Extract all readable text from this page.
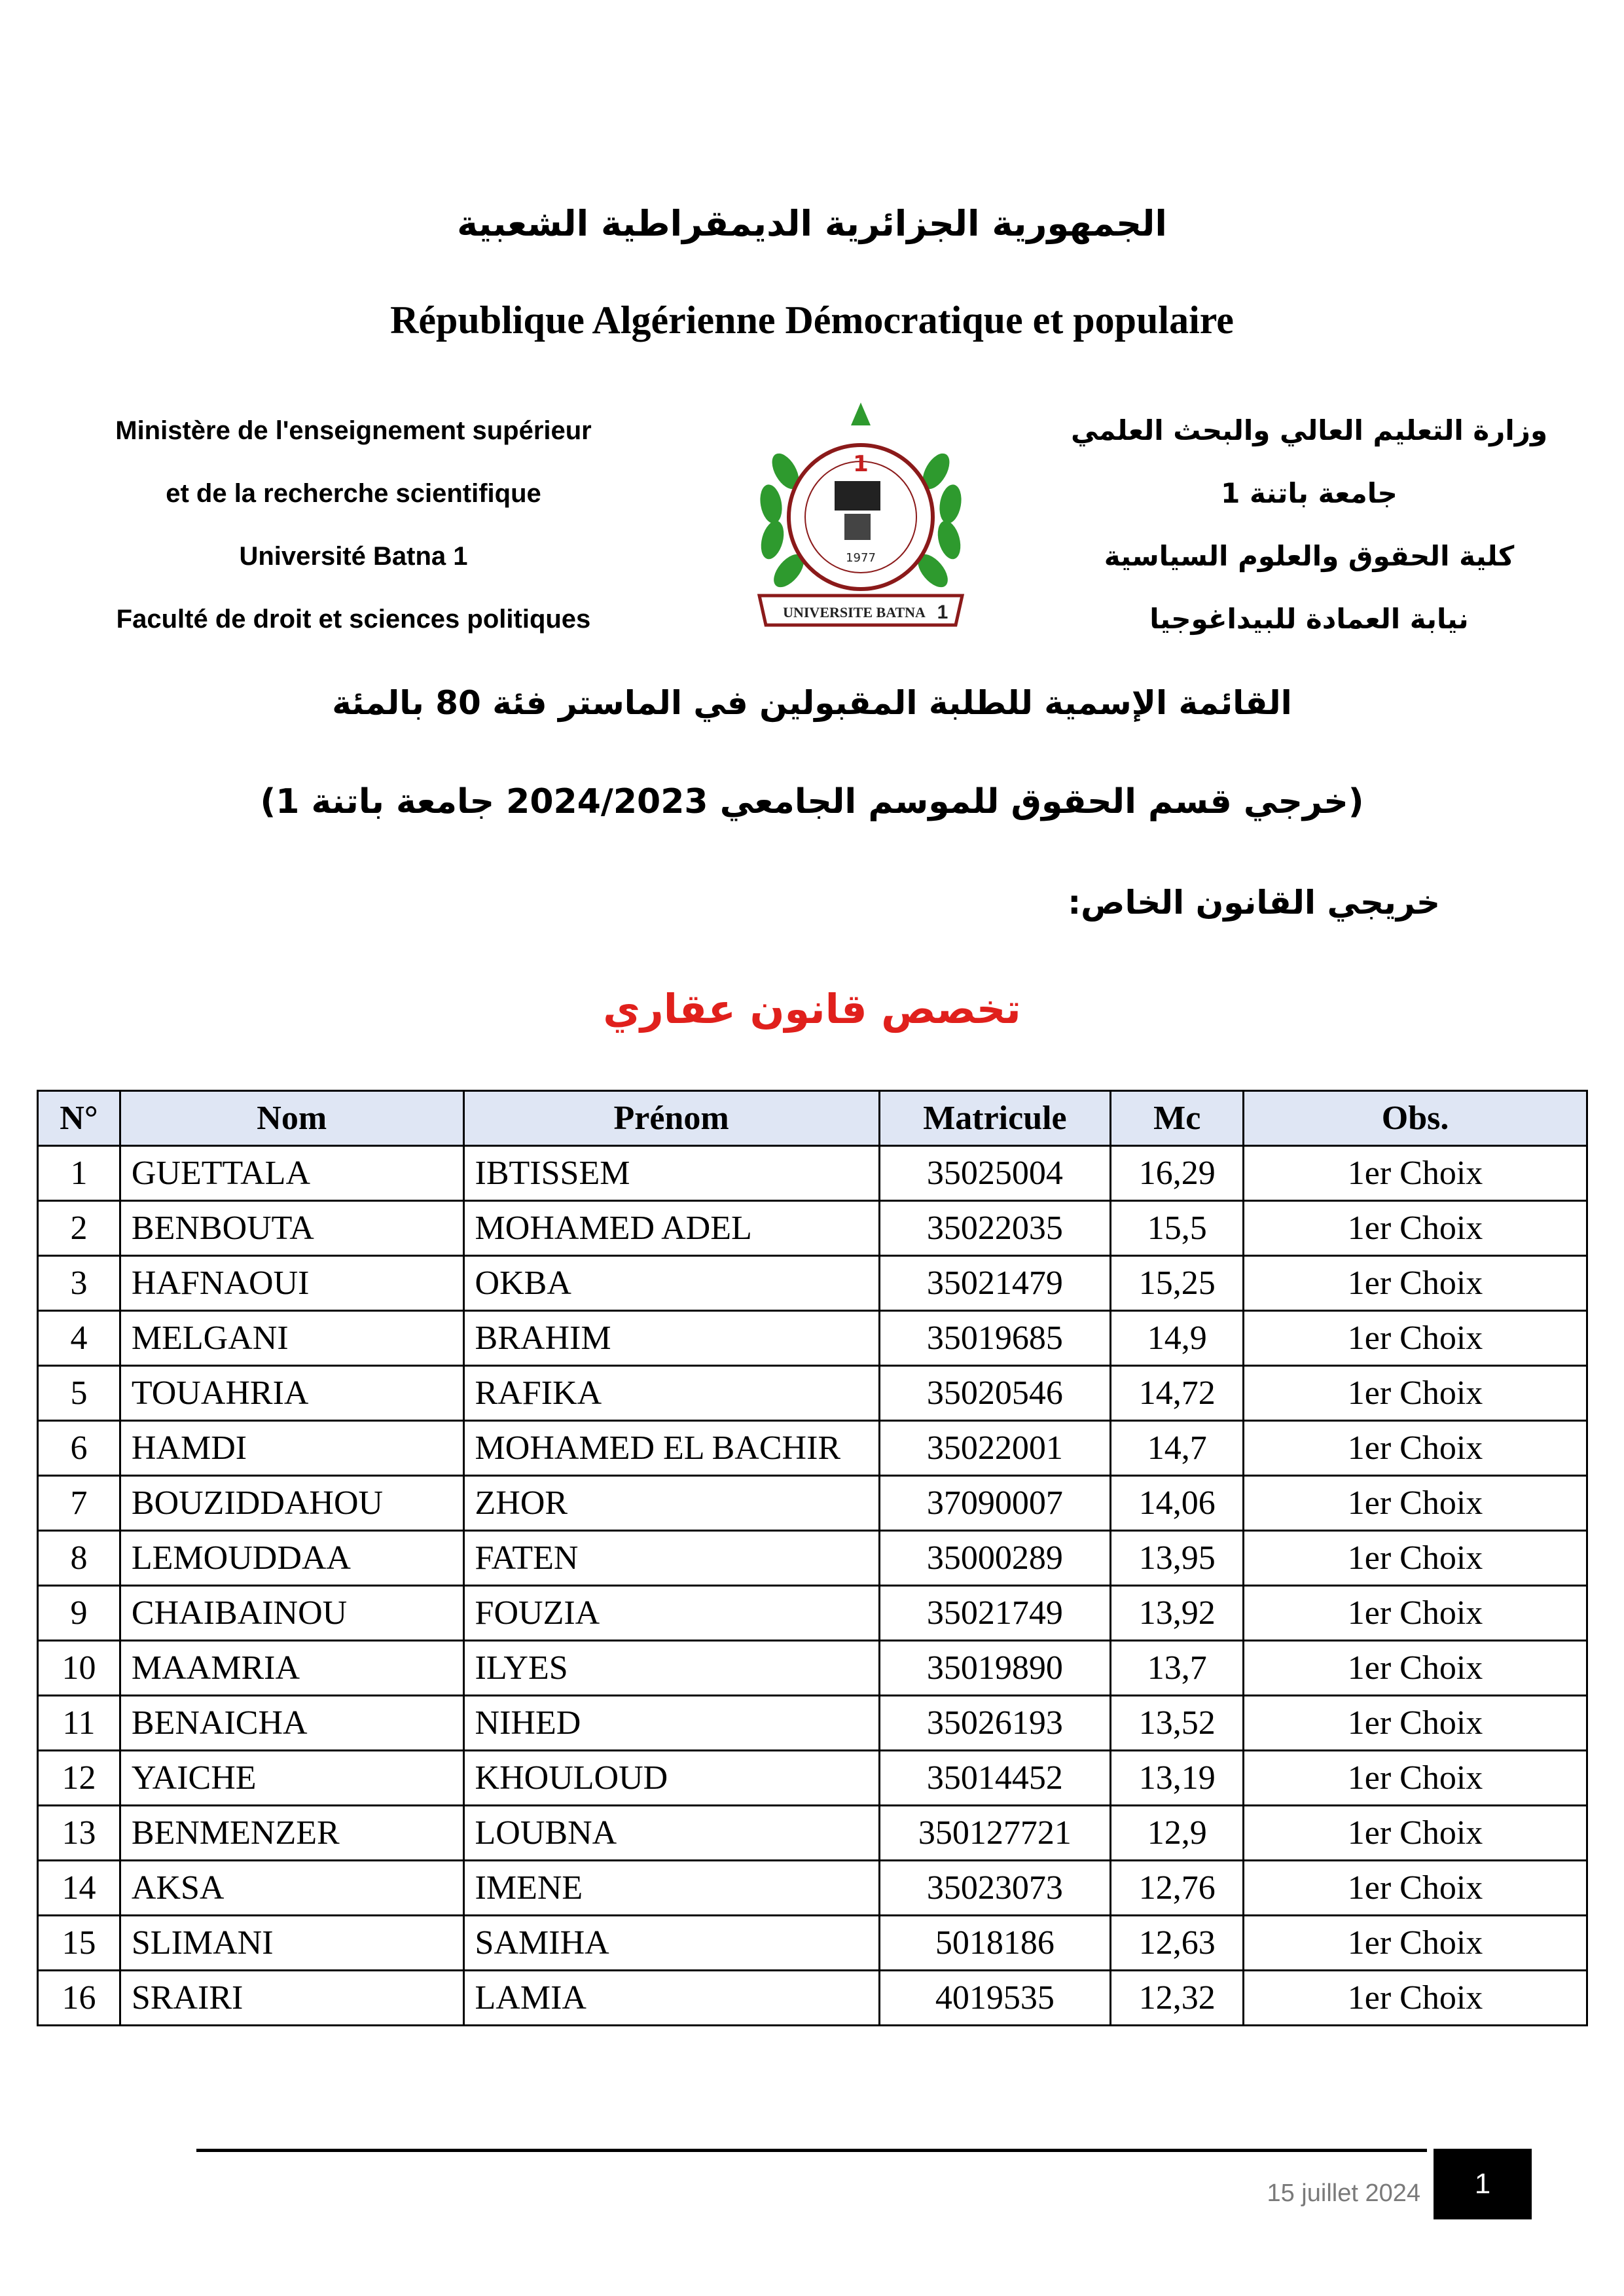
الجمهورية الجزائرية الديمقراطية الشعبية
République Algérienne Démocratique et populaire
Ministère de l'enseignement supérieur
et de la recherche scientifique
Université Batna 1
Faculté de droit et sciences politiques
وزارة التعليم العالي والبحث العلمي
جامعة باتنة 1
كلية الحقوق والعلوم السياسية
نيابة العمادة للبيداغوجيا
1
1977
UNIVERSITE BATNA 1
القائمة الإسمية للطلبة المقبولين في الماستر فئة 80 بالمئة
(خرجي قسم الحقوق للموسم الجامعي 2024/2023 جامعة باتنة 1)
خريجي القانون الخاص:
تخصص قانون عقاري
N°	Nom	Prénom	Matricule	Mc	Obs.
1	GUETTALA	IBTISSEM	35025004	16,29	1er Choix
2	BENBOUTA	MOHAMED ADEL	35022035	15,5	1er Choix
3	HAFNAOUI	OKBA	35021479	15,25	1er Choix
4	MELGANI	BRAHIM	35019685	14,9	1er Choix
5	TOUAHRIA	RAFIKA	35020546	14,72	1er Choix
6	HAMDI	MOHAMED EL BACHIR	35022001	14,7	1er Choix
7	BOUZIDDAHOU	ZHOR	37090007	14,06	1er Choix
8	LEMOUDDAA	FATEN	35000289	13,95	1er Choix
9	CHAIBAINOU	FOUZIA	35021749	13,92	1er Choix
10	MAAMRIA	ILYES	35019890	13,7	1er Choix
11	BENAICHA	NIHED	35026193	13,52	1er Choix
12	YAICHE	KHOULOUD	35014452	13,19	1er Choix
13	BENMENZER	LOUBNA	350127721	12,9	1er Choix
14	AKSA	IMENE	35023073	12,76	1er Choix
15	SLIMANI	SAMIHA	5018186	12,63	1er Choix
16	SRAIRI	LAMIA	4019535	12,32	1er Choix
15 juillet 2024	1
